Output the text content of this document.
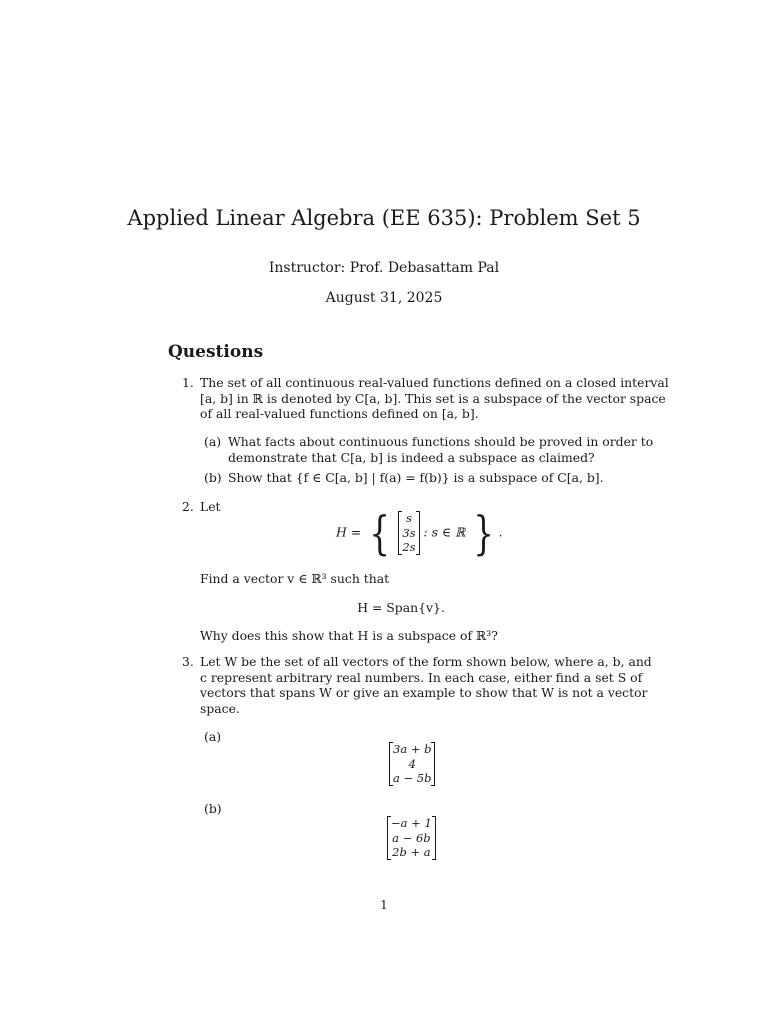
Applied Linear Algebra (EE 635): Problem Set 5
Instructor: Prof. Debasattam Pal
August 31, 2025
Questions
1. The set of all continuous real-valued functions defined on a closed interval
[a, b] in ℝ is denoted by C[a, b]. This set is a subspace of the vector space
of all real-valued functions defined on [a, b].
(a) What facts about continuous functions should be proved in order to
demonstrate that C[a, b] is indeed a subspace as claimed?
(b) Show that {f ∈ C[a, b] | f(a) = f(b)} is a subspace of C[a, b].
2. Let
H = {	s
3s
2s
: s ∈ ℝ } .
Find a vector v ∈ ℝ³ such that
H = Span{v}.
Why does this show that H is a subspace of ℝ³?
3. Let W be the set of all vectors of the form shown below, where a, b, and
c represent arbitrary real numbers. In each case, either find a set S of
vectors that spans W or give an example to show that W is not a vector
space.
(a)
3a + b
4
a − 5b
(b)
−a + 1
a − 6b
2b + a
1
